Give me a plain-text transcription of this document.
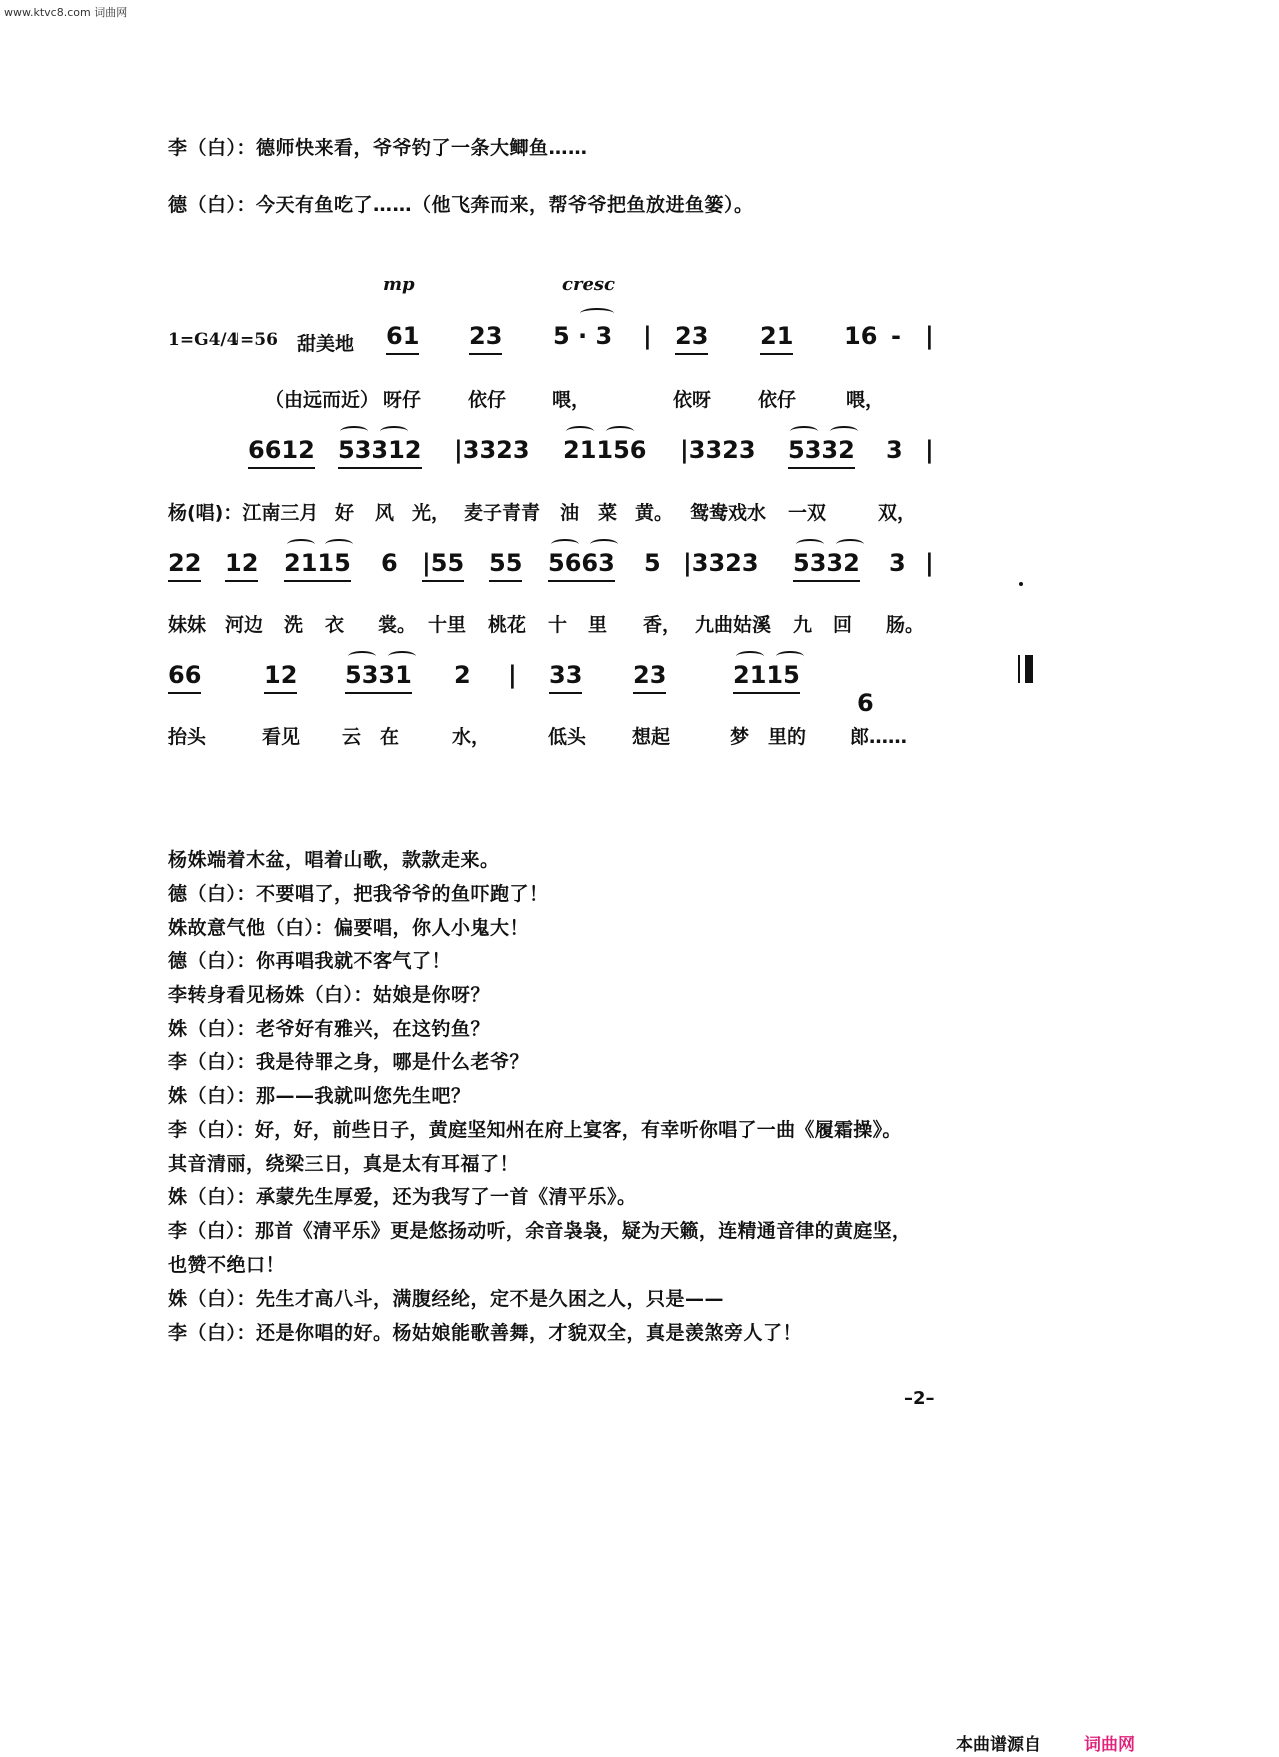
www.ktvc8.com 词曲网
李（白）：德师快来看，爷爷钓了一条大鲫鱼……
德（白）：今天有鱼吃了……（他飞奔而来，帮爷爷把鱼放进鱼篓）。
mp	cresc
1=G4/4
♩=56 甜美地 61 23 5 · 3 | 23 21 16 - |
（由远而近） 呀仔 依仔 喂，	依呀 依仔	喂，
6612 53312 |3323 21156 |3323 5332 3 |
杨(唱)：江南三月 好 风 光， 麦子青青 油 菜 黄。 鸳鸯戏水 一双	双，
22 12 2115 6	|55 55 5663 5 |3323 5332 3 |
妹妹 河边 洗 衣 裳。 十里 桃花 十 里 香， 九曲姑溪 九 回 肠。
66	12 5331 2 | 33 23	2115
6
抬头	看见 云 在	水，	低头 想起	梦 里的 郎……
杨姝端着木盆，唱着山歌，款款走来。
德（白）：不要唱了，把我爷爷的鱼吓跑了！
姝故意气他（白）：偏要唱，你人小鬼大！
德（白）：你再唱我就不客气了！
李转身看见杨姝（白）：姑娘是你呀？
姝（白）：老爷好有雅兴，在这钓鱼？
李（白）：我是待罪之身，哪是什么老爷？
姝（白）：那——我就叫您先生吧？
李（白）：好，好，前些日子，黄庭坚知州在府上宴客，有幸听你唱了一曲《履霜操》。
其音清丽，绕梁三日，真是太有耳福了！
姝（白）：承蒙先生厚爱，还为我写了一首《清平乐》。
李（白）：那首《清平乐》更是悠扬动听，余音袅袅，疑为天籁，连精通音律的黄庭坚，
也赞不绝口！
姝（白）：先生才高八斗，满腹经纶，定不是久困之人，只是——
李（白）：还是你唱的好。杨姑娘能歌善舞，才貌双全，真是羡煞旁人了！
–2–
本曲谱源自	词曲网
